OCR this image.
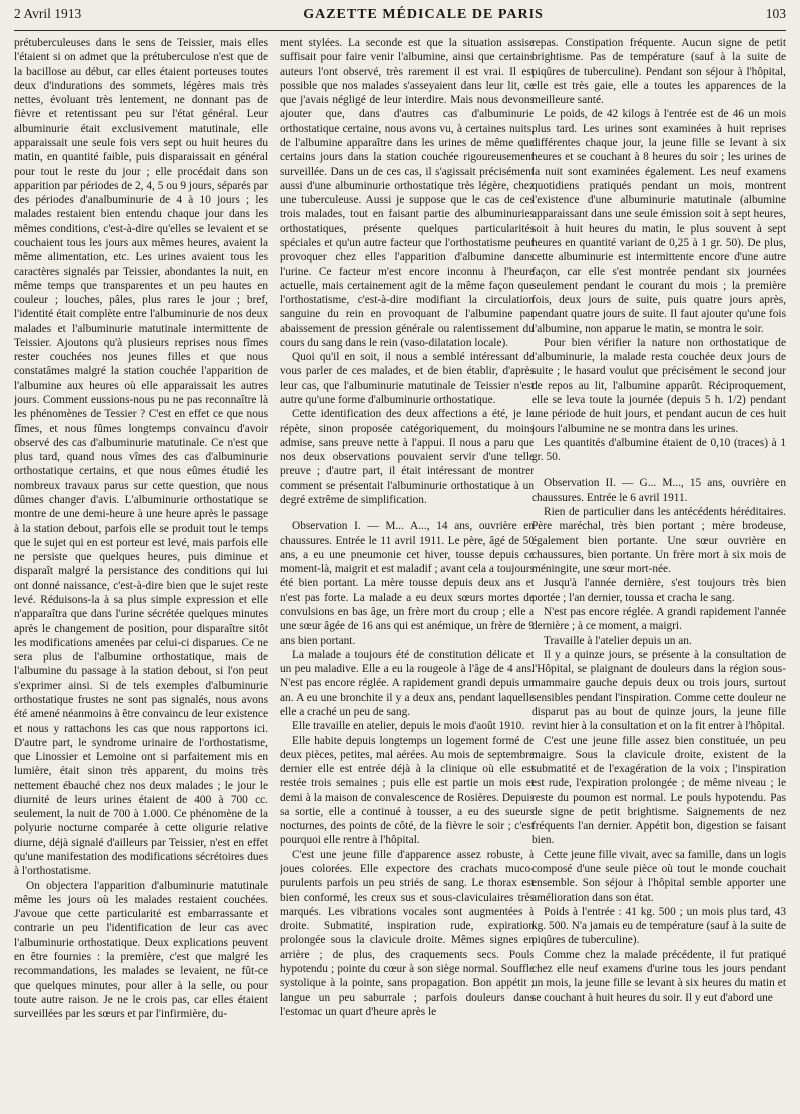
2 Avril 1913	GAZETTE MÉDICALE DE PARIS	103

prétuberculeuses dans le sens de Teissier, mais elles l'étaient si on admet que la prétuberculose n'est que de la bacillose au début, car elles étaient porteuses toutes deux d'indurations des sommets, légères mais très nettes, évoluant très lentement, ne donnant pas de fièvre et retentissant peu sur l'état général. Leur albuminurie était exclusivement matutinale, elle apparaissait une seule fois vers sept ou huit heures du matin, en quantité faible, puis disparaissait en général pour tout le reste du jour ; elle procédait dans son apparition par périodes de 2, 4, 5 ou 9 jours, séparés par des périodes d'analbuminurie de 4 à 10 jours ; les malades restaient bien entendu chaque jour dans les mêmes conditions, c'est-à-dire qu'elles se levaient et se couchaient tous les jours aux mêmes heures, avaient la même alimentation, etc. Les urines avaient tous les caractères signalés par Teissier, abondantes la nuit, en même temps que transparentes et un peu hautes en couleur ; louches, pâles, plus rares le jour ; bref, l'identité était complète entre l'albuminurie de nos deux malades et l'albuminurie matutinale intermittente de Teissier. Ajoutons qu'à plusieurs reprises nous fîmes rester couchées nos jeunes filles et que nous constatâmes malgré la station couchée l'apparition de l'albumine aux heures où elle apparaissait les autres jours. Comment eussions-nous pu ne pas reconnaître là les phénomènes de Tessier ? C'est en effet ce que nous fîmes, et nous fûmes longtemps convaincu d'avoir observé des cas d'albuminurie matutinale. Ce n'est que plus tard, quand nous vîmes des cas d'albuminurie orthostatique certains, et que nous eûmes étudié les nombreux travaux parus sur cette question, que nous dûmes changer d'avis. L'albuminurie orthostatique se montre de une demi-heure à une heure après le passage à la station debout, parfois elle se produit tout le temps que le sujet qui en est porteur est levé, mais parfois elle ne persiste que quelques heures, puis diminue et disparaît malgré la persistance des conditions qui lui ont donné naissance, c'est-à-dire bien que le sujet reste levé. Réduisons-la à sa plus simple expression et elle n'apparaîtra que dans l'urine sécrétée quelques minutes après le changement de position, pour disparaître sitôt les modifications amenées par celui-ci disparues. Ce ne sera plus de l'albumine orthostatique, mais de l'albumine du passage à la station debout, si l'on peut s'exprimer ainsi. Si de tels exemples d'albuminurie orthostatique frustes ne sont pas signalés, nous avons été amené néanmoins à être convaincu de leur existence et nous y rattachons les cas que nous rapportons ici. D'autre part, le syndrome urinaire de l'orthostatisme, que Linossier et Lemoine ont si parfaitement mis en lumière, était sinon très apparent, du moins très nettement ébauché chez nos deux malades ; le jour le diurnité de leurs urines étaient de 400 à 700 cc. seulement, la nuit de 700 à 1.000. Ce phénomène de la polyurie nocturne comparée à cette oligurie relative diurne, déjà signalé d'ailleurs par Teissier, n'est en effet qu'une manifestation des modifications sécrétoires dues à l'orthostatisme.

On objectera l'apparition d'albuminurie matutinale même les jours où les malades restaient couchées. J'avoue que cette particularité est embarrassante et contrarie un peu l'identification de leur cas avec l'albuminurie orthostatique. Deux explications peuvent en être fournies : la première, c'est que malgré les recommandations, les malades se levaient, ne fût-ce que quelques minutes, pour aller à la selle, ou pour toute autre raison. Je ne le crois pas, car elles étaient surveillées par les sœurs et par l'infirmière, du-

ment stylées. La seconde est que la situation assise suffisait pour faire venir l'albumine, ainsi que certains auteurs l'ont observé, très rarement il est vrai. Il est possible que nos malades s'asseyaient dans leur lit, ce que j'avais négligé de leur interdire. Mais nous devons ajouter que, dans d'autres cas d'albuminurie orthostatique certaine, nous avons vu, à certaines nuits, de l'albumine apparaître dans les urines de même que certains jours dans la station couchée rigoureusement surveillée. Dans un de ces cas, il s'agissait précisément aussi d'une albuminurie orthostatique très légère, chez une tuberculeuse. Aussi je suppose que le cas de ces trois malades, tout en faisant partie des albuminuries orthostatiques, présente quelques particularités spéciales et qu'un autre facteur que l'orthostatisme peut provoquer chez elles l'apparition d'albumine dans l'urine. Ce facteur m'est encore inconnu à l'heure actuelle, mais certainement agit de la même façon que l'orthostatisme, c'est-à-dire modifiant la circulation sanguine du rein en provoquant de l'albumine par abaissement de pression générale ou ralentissement du cours du sang dans le rein (vaso-dilatation locale).

Quoi qu'il en soit, il nous a semblé intéressant de vous parler de ces malades, et de bien établir, d'après leur cas, que l'albuminurie matutinale de Teissier n'est autre qu'une forme d'albuminurie orthostatique.

Cette identification des deux affections a été, je le répète, sinon proposée catégoriquement, du moins admise, sans preuve nette à l'appui. Il nous a paru que nos deux observations pouvaient servir d'une telle preuve ; d'autre part, il était intéressant de montrer comment se présentait l'albuminurie orthostatique à un degré extrême de simplification.

Observation I. — M... A..., 14 ans, ouvrière en chaussures. Entrée le 11 avril 1911. Le père, âgé de 50 ans, a eu une pneumonie cet hiver, tousse depuis ce moment-là, maigrit et est maladif ; avant cela a toujours été bien portant. La mère tousse depuis deux ans et n'est pas forte. La malade a eu deux sœurs mortes de convulsions en bas âge, un frère mort du croup ; elle a une sœur âgée de 16 ans qui est anémique, un frère de 9 ans bien portant.

La malade a toujours été de constitution délicate et un peu maladive. Elle a eu la rougeole à l'âge de 4 ans. N'est pas encore réglée. A rapidement grandi depuis un an. A eu une bronchite il y a deux ans, pendant laquelle elle a craché un peu de sang.

Elle travaille en atelier, depuis le mois d'août 1910.

Elle habite depuis longtemps un logement formé de deux pièces, petites, mal aérées. Au mois de septembre dernier elle est entrée déjà à la clinique où elle est restée trois semaines ; puis elle est partie un mois et demi à la maison de convalescence de Rosières. Depuis sa sortie, elle a continué à tousser, a eu des sueurs nocturnes, des points de côté, de la fièvre le soir ; c'est pourquoi elle rentre à l'hôpital.

C'est une jeune fille d'apparence assez robuste, à joues colorées. Elle expectore des crachats muco-purulents parfois un peu striés de sang. Le thorax est bien conformé, les creux sus et sous-claviculaires très marqués. Les vibrations vocales sont augmentées à droite. Submatité, inspiration rude, expiration prolongée sous la clavicule droite. Mêmes signes en arrière ; de plus, des craquements secs. Pouls hypotendu ; pointe du cœur à son siège normal. Souffle systolique à la pointe, sans propagation. Bon appétit ; langue un peu saburrale ; parfois douleurs dans l'estomac un quart d'heure après le

repas. Constipation fréquente. Aucun signe de petit brightisme. Pas de température (sauf à la suite de piqûres de tuberculine). Pendant son séjour à l'hôpital, elle est très gaie, elle a toutes les apparences de la meilleure santé.

Le poids, de 42 kilogs à l'entrée est de 46 un mois plus tard. Les urines sont examinées à huit reprises différentes chaque jour, la jeune fille se levant à six heures et se couchant à 8 heures du soir ; les urines de la nuit sont examinées également. Les neuf examens quotidiens pratiqués pendant un mois, montrent l'existence d'une albuminurie matutinale (albumine apparaissant dans une seule émission soit à sept heures, soit à huit heures du matin, le plus souvent à sept heures en quantité variant de 0,25 à 1 gr. 50). De plus, cette albuminurie est intermittente encore d'une autre façon, car elle s'est montrée pendant six journées seulement pendant le courant du mois ; la première fois, deux jours de suite, puis quatre jours après, pendant quatre jours de suite. Il faut ajouter qu'une fois l'albumine, non apparue le matin, se montra le soir.

Pour bien vérifier la nature non orthostatique de l'albuminurie, la malade resta couchée deux jours de suite ; le hasard voulut que précisément le second jour de repos au lit, l'albumine apparût. Réciproquement, elle se leva toute la journée (depuis 5 h. 1/2) pendant une période de huit jours, et pendant aucun de ces huit jours l'albumine ne se montra dans les urines.

Les quantités d'albumine étaient de 0,10 (traces) à 1 gr. 50.

Observation II. — G... M..., 15 ans, ouvrière en chaussures. Entrée le 6 avril 1911.

Rien de particulier dans les antécédents héréditaires. Père maréchal, très bien portant ; mère brodeuse, également bien portante. Une sœur ouvrière en chaussures, bien portante. Un frère mort à six mois de méningite, une sœur mort-née.

Jusqu'à l'année dernière, s'est toujours très bien portée ; l'an dernier, toussa et cracha le sang.

N'est pas encore réglée. A grandi rapidement l'année dernière ; à ce moment, a maigri.

Travaille à l'atelier depuis un an.

Il y a quinze jours, se présente à la consultation de l'Hôpital, se plaignant de douleurs dans la région sous-mammaire gauche depuis deux ou trois jours, surtout sensibles pendant l'inspiration. Comme cette douleur ne disparut pas au bout de quinze jours, la jeune fille revint hier à la consultation et on la fit entrer à l'hôpital.

C'est une jeune fille assez bien constituée, un peu maigre. Sous la clavicule droite, existent de la submatité et de l'exagération de la voix ; l'inspiration est rude, l'expiration prolongée ; de même niveau ; le reste du poumon est normal. Le pouls hypotendu. Pas de signe de petit brightisme. Saignements de nez fréquents l'an dernier. Appétit bon, digestion se faisant bien.

Cette jeune fille vivait, avec sa famille, dans un logis composé d'une seule pièce où tout le monde couchait ensemble. Son séjour à l'hôpital semble apporter une amélioration dans son état.

Poids à l'entrée : 41 kg. 500 ; un mois plus tard, 43 kg. 500. N'a jamais eu de température (sauf à la suite de piqûres de tuberculine).

Comme chez la malade précédente, il fut pratiqué chez elle neuf examens d'urine tous les jours pendant un mois, la jeune fille se levant à six heures du matin et se couchant à huit heures du soir. Il y eut d'abord une
